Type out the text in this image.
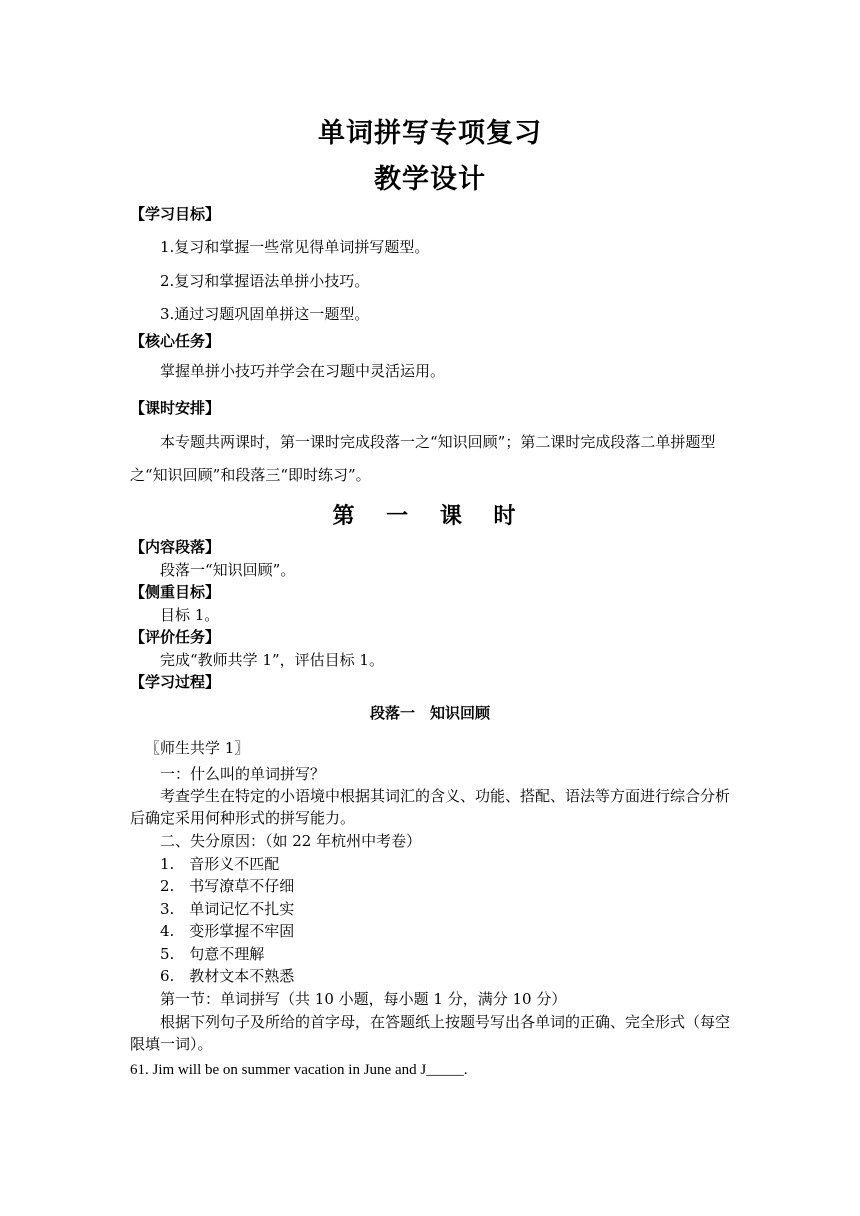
单词拼写专项复习
教学设计
【学习目标】
1.复习和掌握一些常见得单词拼写题型。
2.复习和掌握语法单拼小技巧。
3.通过习题巩固单拼这一题型。
【核心任务】
掌握单拼小技巧并学会在习题中灵活运用。
【课时安排】
本专题共两课时，第一课时完成段落一之“知识回顾”；第二课时完成段落二单拼题型
之“知识回顾”和段落三“即时练习”。
第 一 课 时
【内容段落】
段落一“知识回顾”。
【侧重目标】
目标 1。
【评价任务】
完成“教师共学 1”，评估目标 1。
【学习过程】
段落一　知识回顾
〖师生共学 1〗
一：什么叫的单词拼写？
考查学生在特定的小语境中根据其词汇的含义、功能、搭配、语法等方面进行综合分析
后确定采用何种形式的拼写能力。
二、失分原因：（如 22 年杭州中考卷）
1.　音形义不匹配
2.　书写潦草不仔细
3.　单词记忆不扎实
4.　变形掌握不牢固
5.　句意不理解
6.　教材文本不熟悉
第一节：单词拼写（共 10 小题，每小题 1 分，满分 10 分）
根据下列句子及所给的首字母，在答题纸上按题号写出各单词的正确、完全形式（每空
限填一词）。
61. Jim will be on summer vacation in June and J_____.
